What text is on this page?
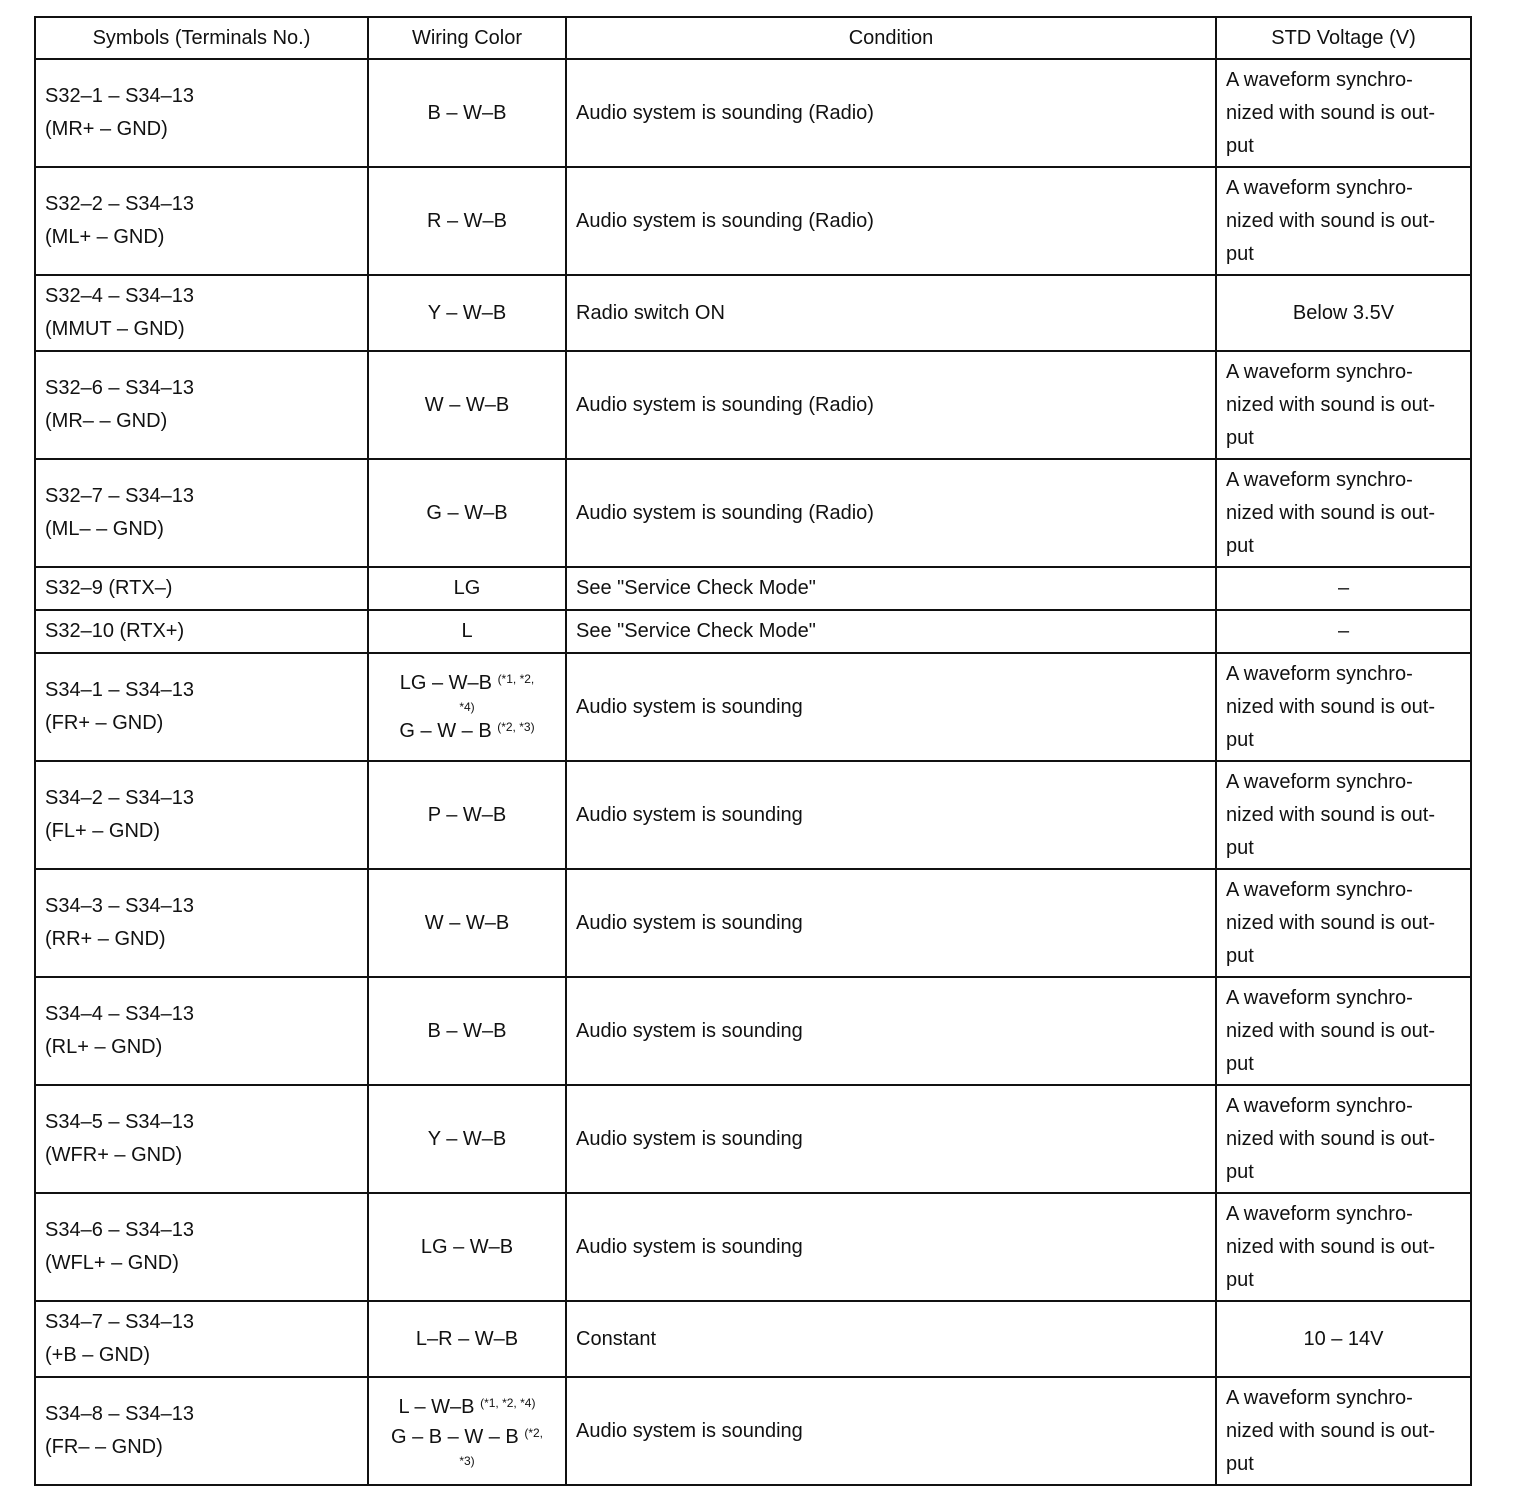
Symbols (Terminals No.)	Wiring Color	Condition	STD Voltage (V)

S32–1 – S34–13
(MR+ – GND)	B – W–B	Audio system is sounding (Radio)	A waveform synchro-
nized with sound is out-
put

S32–2 – S34–13
(ML+ – GND)	R – W–B	Audio system is sounding (Radio)	A waveform synchro-
nized with sound is out-
put

S32–4 – S34–13
(MMUT – GND)	Y – W–B	Radio switch ON	Below 3.5V

S32–6 – S34–13
(MR– – GND)	W – W–B	Audio system is sounding (Radio)	A waveform synchro-
nized with sound is out-
put

S32–7 – S34–13
(ML– – GND)	G – W–B	Audio system is sounding (Radio)	A waveform synchro-
nized with sound is out-
put

S32–9 (RTX–)	LG	See "Service Check Mode"	–
S32–10 (RTX+)	L	See "Service Check Mode"	–

S34–1 – S34–13
(FR+ – GND)	LG – W–B $^{(*1, *2,}$
*4)
G – W – B $^{(*2, *3)}$	Audio system is sounding	A waveform synchro-
nized with sound is out-
put

S34–2 – S34–13
(FL+ – GND)	P – W–B	Audio system is sounding	A waveform synchro-
nized with sound is out-
put

S34–3 – S34–13
(RR+ – GND)	W – W–B	Audio system is sounding	A waveform synchro-
nized with sound is out-
put

S34–4 – S34–13
(RL+ – GND)	B – W–B	Audio system is sounding	A waveform synchro-
nized with sound is out-
put

S34–5 – S34–13
(WFR+ – GND)	Y – W–B	Audio system is sounding	A waveform synchro-
nized with sound is out-
put

S34–6 – S34–13
(WFL+ – GND)	LG – W–B	Audio system is sounding	A waveform synchro-
nized with sound is out-
put

S34–7 – S34–13
(+B – GND)	L–R – W–B	Constant	10 – 14V

S34–8 – S34–13
(FR– – GND)	L – W–B $^{(*1, *2, *4)}$
G – B – W – B $^{(*2,}$
*3)	Audio system is sounding	A waveform synchro-
nized with sound is out-
put
